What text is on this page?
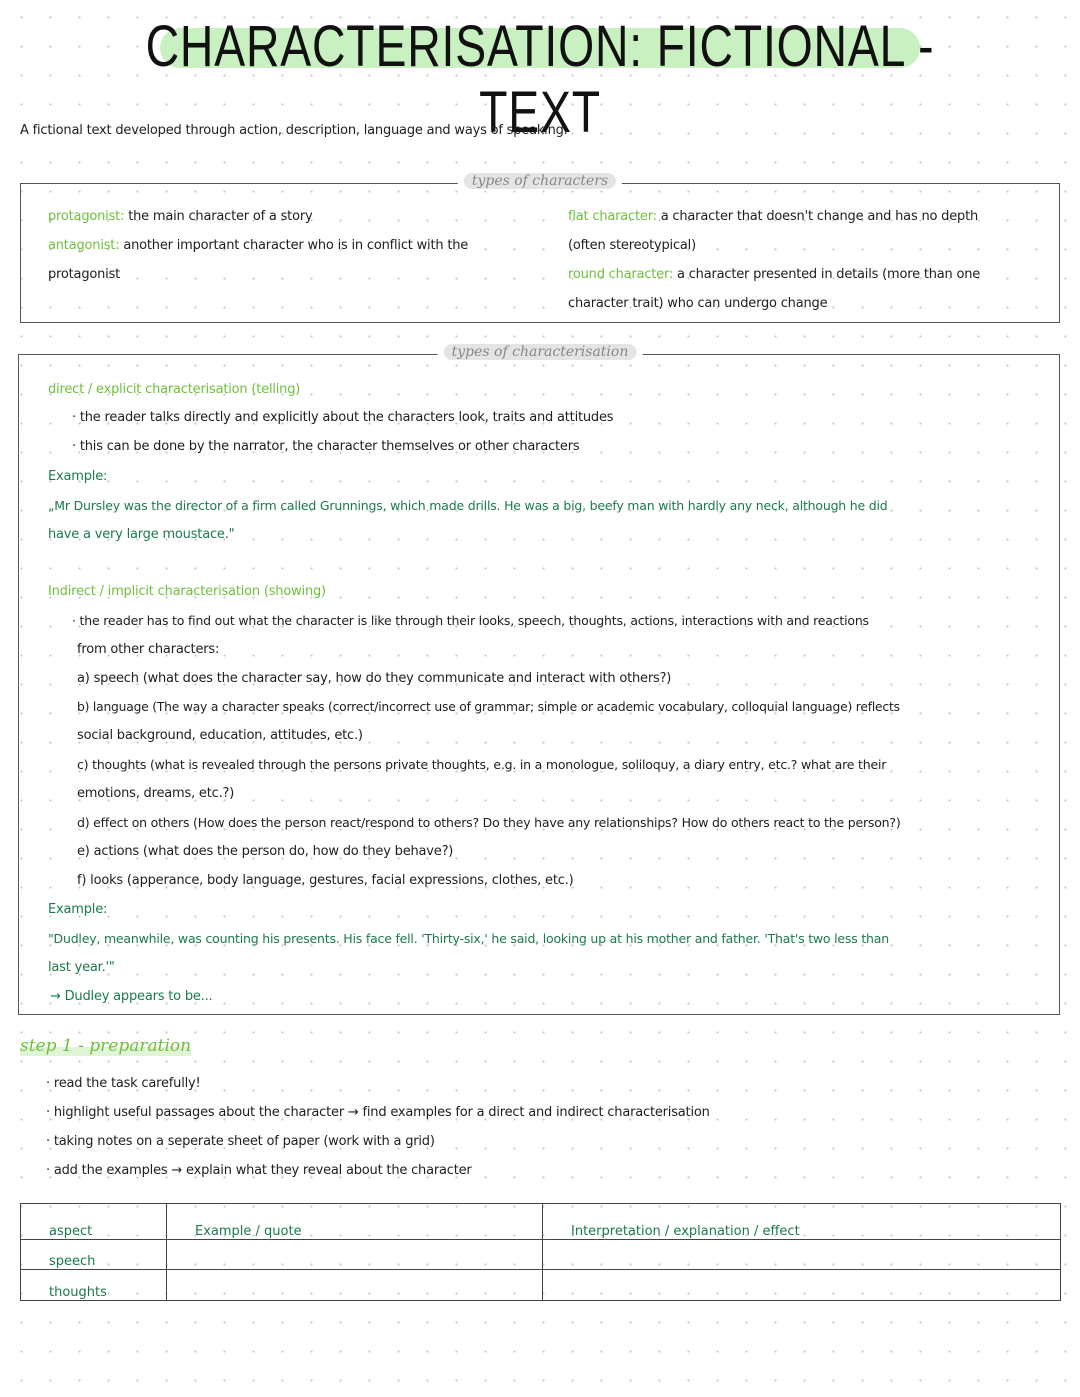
CHARACTERISATION: FICTIONAL - TEXT
A fictional text developed through action, description, language and ways of speaking.
types of characters
protagonist: the main character of a story
antagonist: another important character who is in conflict with the
protagonist
flat character: a character that doesn't change and has no depth
(often stereotypical)
round character: a character presented in details (more than one
character trait) who can undergo change
types of characterisation
direct / explicit characterisation (telling)
· the reader talks directly and explicitly about the characters look, traits and attitudes
· this can be done by the narrator, the character themselves or other characters
Example:
„Mr Dursley was the director of a firm called Grunnings, which made drills. He was a big, beefy man with hardly any neck, although he did
have a very large moustace."
Indirect / implicit characterisation (showing)
· the reader has to find out what the character is like through their looks, speech, thoughts, actions, interactions with and reactions
from other characters:
a) speech (what does the character say, how do they communicate and interact with others?)
b) language (The way a character speaks (correct/incorrect use of grammar; simple or academic vocabulary, colloquial language) reflects
social background, education, attitudes, etc.)
c) thoughts (what is revealed through the persons private thoughts, e.g. in a monologue, soliloquy, a diary entry, etc.? what are their
emotions, dreams, etc.?)
d) effect on others (How does the person react/respond to others? Do they have any relationships? How do others react to the person?)
e) actions (what does the person do, how do they behave?)
f) looks (apperance, body language, gestures, facial expressions, clothes, etc.)
Example:
"Dudley, meanwhile, was counting his presents. His face fell. 'Thirty-six,' he said, looking up at his mother and father. 'That's two less than
last year.'"
→ Dudley appears to be...
step 1 - preparation
· read the task carefully!
· highlight useful passages about the character → find examples for a direct and indirect characterisation
· taking notes on a seperate sheet of paper (work with a grid)
· add the examples → explain what they reveal about the character
aspect	Example / quote	Interpretation / explanation / effect
speech		
thoughts		
